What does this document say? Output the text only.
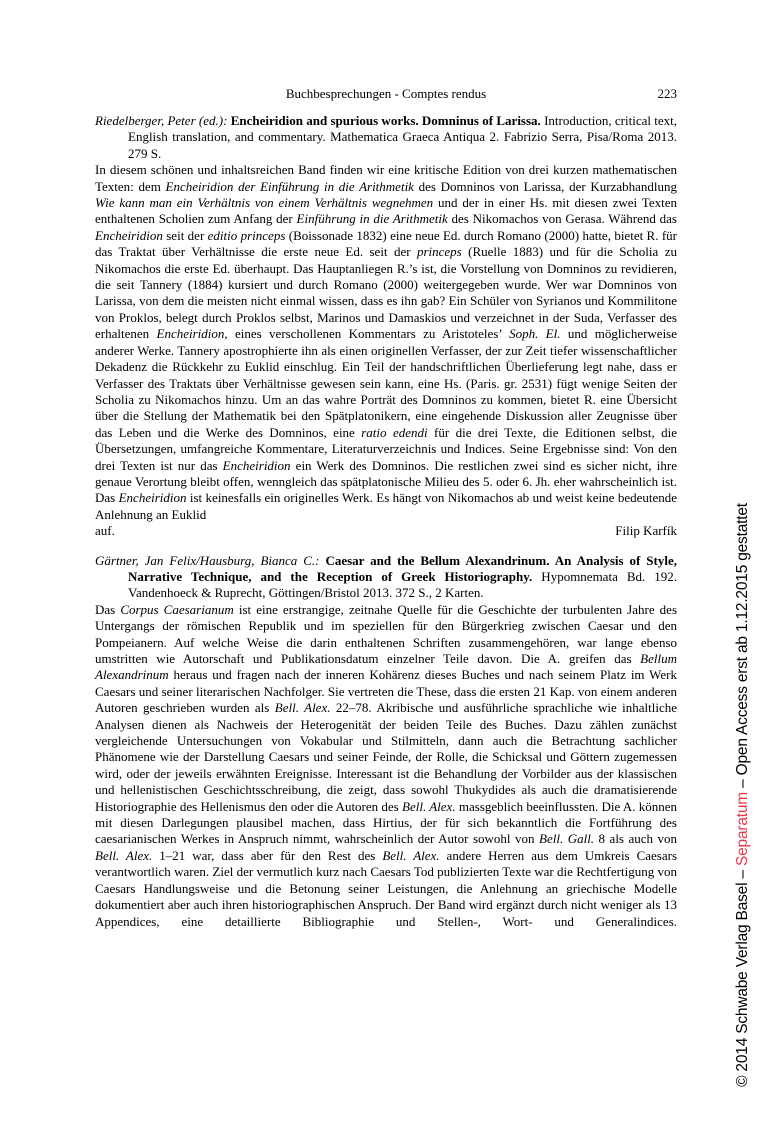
Buchbesprechungen - Comptes rendus	223

Riedelberger, Peter (ed.): Encheiridion and spurious works. Domninus of Larissa. Introduction, critical text, English translation, and commentary. Mathematica Graeca Antiqua 2. Fabrizio Serra, Pisa/Roma 2013. 279 S.

In diesem schönen und inhaltsreichen Band finden wir eine kritische Edition von drei kurzen mathematischen Texten: dem Encheiridion der Einführung in die Arithmetik des Domninos von Larissa, der Kurzabhandlung Wie kann man ein Verhältnis von einem Verhältnis wegnehmen und der in einer Hs. mit diesen zwei Texten enthaltenen Scholien zum Anfang der Einführung in die Arithmetik des Nikomachos von Gerasa. Während das Encheiridion seit der editio princeps (Boissonade 1832) eine neue Ed. durch Romano (2000) hatte, bietet R. für das Traktat über Verhältnisse die erste neue Ed. seit der princeps (Ruelle 1883) und für die Scholia zu Nikomachos die erste Ed. überhaupt. Das Hauptanliegen R.’s ist, die Vorstellung von Domninos zu revidieren, die seit Tannery (1884) kursiert und durch Romano (2000) weitergegeben wurde. Wer war Domninos von Larissa, von dem die meisten nicht einmal wissen, dass es ihn gab? Ein Schüler von Syrianos und Kommilitone von Proklos, belegt durch Proklos selbst, Marinos und Damaskios und verzeichnet in der Suda, Verfasser des erhaltenen Encheiridion, eines verschollenen Kommentars zu Aristoteles’ Soph. El. und möglicherweise anderer Werke. Tannery apostrophierte ihn als einen originellen Verfasser, der zur Zeit tiefer wissenschaftlicher Dekadenz die Rückkehr zu Euklid einschlug. Ein Teil der handschriftlichen Überlieferung legt nahe, dass er Verfasser des Traktats über Verhältnisse gewesen sein kann, eine Hs. (Paris. gr. 2531) fügt wenige Seiten der Scholia zu Nikomachos hinzu. Um an das wahre Porträt des Domninos zu kommen, bietet R. eine Übersicht über die Stellung der Mathematik bei den Spätplatonikern, eine eingehende Diskussion aller Zeugnisse über das Leben und die Werke des Domninos, eine ratio edendi für die drei Texte, die Editionen selbst, die Übersetzungen, umfangreiche Kommentare, Literaturverzeichnis und Indices. Seine Ergebnisse sind: Von den drei Texten ist nur das Encheiridion ein Werk des Domninos. Die restlichen zwei sind es sicher nicht, ihre genaue Verortung bleibt offen, wenngleich das spätplatonische Milieu des 5. oder 6. Jh. eher wahrscheinlich ist. Das Encheiridion ist keinesfalls ein originelles Werk. Es hängt von Nikomachos ab und weist keine bedeutende Anlehnung an Euklid

auf.	Filip Karfík

Gärtner, Jan Felix/Hausburg, Bianca C.: Caesar and the Bellum Alexandrinum. An Analysis of Style, Narrative Technique, and the Reception of Greek Historiography. Hypomnemata Bd. 192. Vandenhoeck & Ruprecht, Göttingen/Bristol 2013. 372 S., 2 Karten.

Das Corpus Caesarianum ist eine erstrangige, zeitnahe Quelle für die Geschichte der turbulenten Jahre des Untergangs der römischen Republik und im speziellen für den Bürgerkrieg zwischen Caesar und den Pompeianern. Auf welche Weise die darin enthaltenen Schriften zusammengehören, war lange ebenso umstritten wie Autorschaft und Publikationsdatum einzelner Teile davon. Die A. greifen das Bellum Alexandrinum heraus und fragen nach der inneren Kohärenz dieses Buches und nach seinem Platz im Werk Caesars und seiner literarischen Nachfolger. Sie vertreten die These, dass die ersten 21 Kap. von einem anderen Autoren geschrieben wurden als Bell. Alex. 22–78. Akribische und ausführliche sprachliche wie inhaltliche Analysen dienen als Nachweis der Heterogenität der beiden Teile des Buches. Dazu zählen zunächst vergleichende Untersuchungen von Vokabular und Stilmitteln, dann auch die Betrachtung sachlicher Phänomene wie der Darstellung Caesars und seiner Feinde, der Rolle, die Schicksal und Göttern zugemessen wird, oder der jeweils erwähnten Ereignisse. Interessant ist die Behandlung der Vorbilder aus der klassischen und hellenistischen Geschichtsschreibung, die zeigt, dass sowohl Thukydides als auch die dramatisierende Historiographie des Hellenismus den oder die Autoren des Bell. Alex. massgeblich beeinflussten. Die A. können mit diesen Darlegungen plausibel machen, dass Hirtius, der für sich bekanntlich die Fortführung des caesarianischen Werkes in Anspruch nimmt, wahrscheinlich der Autor sowohl von Bell. Gall. 8 als auch von Bell. Alex. 1–21 war, dass aber für den Rest des Bell. Alex. andere Herren aus dem Umkreis Caesars verantwortlich waren. Ziel der vermutlich kurz nach Caesars Tod publizierten Texte war die Rechtfertigung von Caesars Handlungsweise und die Betonung seiner Leistungen, die Anlehnung an griechische Modelle dokumentiert aber auch ihren historiographischen Anspruch. Der Band wird ergänzt durch nicht weniger als 13 Appendices, eine detaillierte Bibliographie und Stellen-, Wort- und Generalindices.	© 2014 Schwabe Verlag Basel – Separatum – Open Access erst ab 1.12.2015 gestattet
